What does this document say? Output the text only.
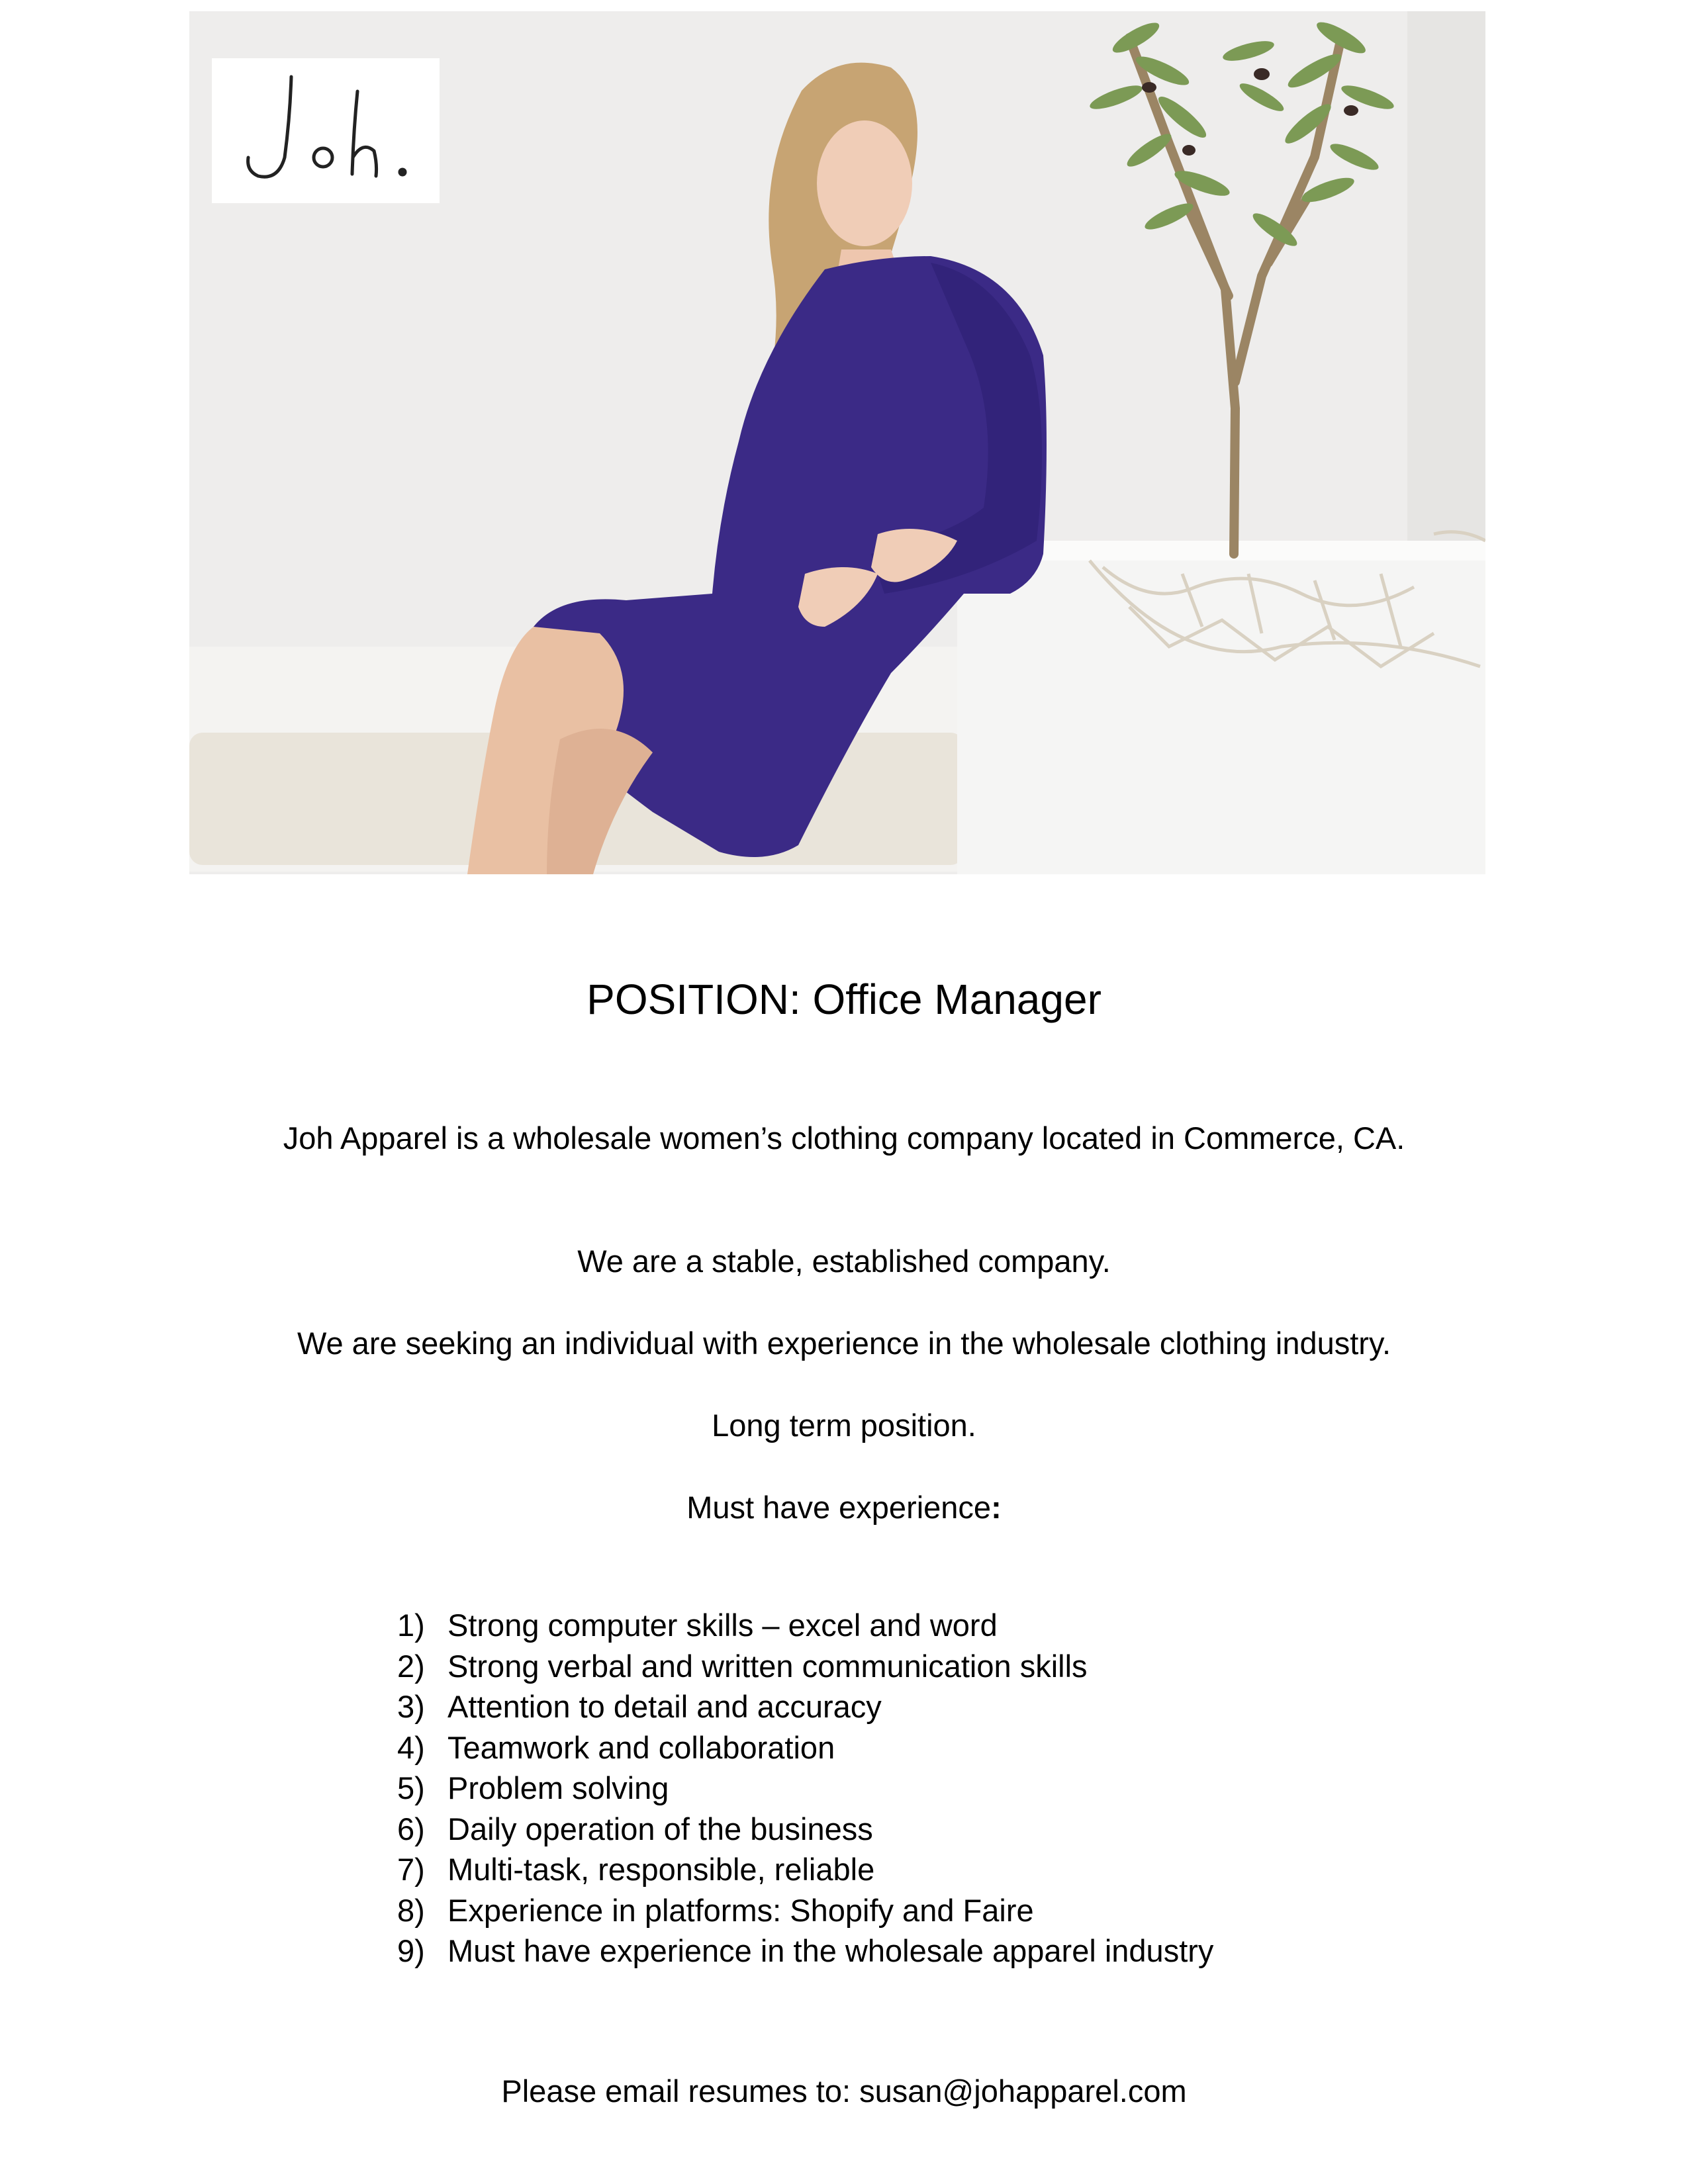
POSITION: Office Manager
Joh Apparel is a wholesale women’s clothing company located in Commerce, CA.
We are a stable, established company.
We are seeking an individual with experience in the wholesale clothing industry.
Long term position.
Must have experience:
1) Strong computer skills – excel and word
2) Strong verbal and written communication skills
3) Attention to detail and accuracy
4) Teamwork and collaboration
5) Problem solving
6) Daily operation of the business
7) Multi-task, responsible, reliable
8) Experience in platforms: Shopify and Faire
9) Must have experience in the wholesale apparel industry
Please email resumes to: susan@johapparel.com
